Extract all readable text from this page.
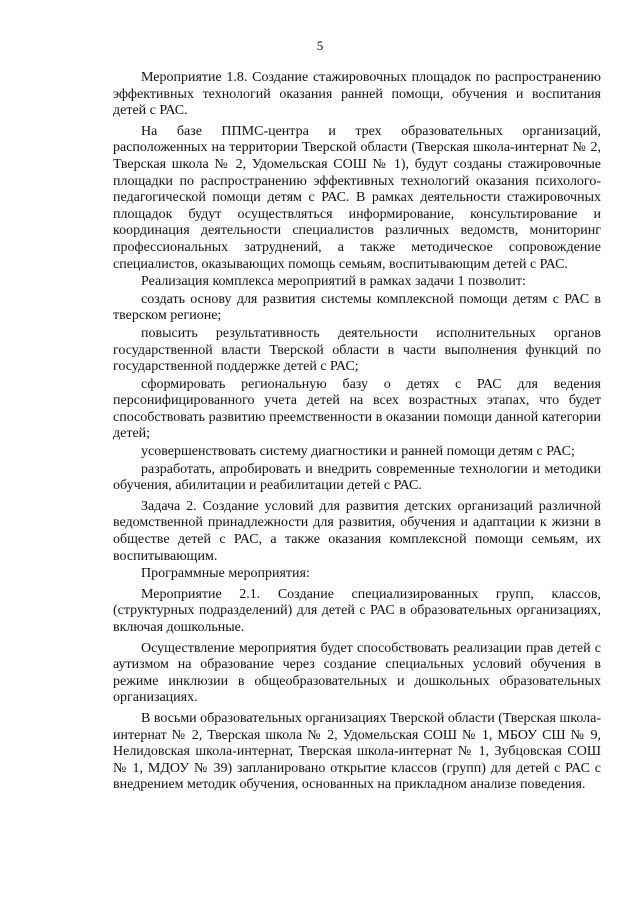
5

Мероприятие 1.8. Создание стажировочных площадок по распространению эффективных технологий оказания ранней помощи, обучения и воспитания детей с РАС.

На базе ППМС-центра и трех образовательных организаций, расположенных на территории Тверской области (Тверская школа-интернат № 2, Тверская школа № 2, Удомельская СОШ № 1), будут созданы стажировочные площадки по распространению эффективных технологий оказания психолого-педагогической помощи детям с РАС. В рамках деятельности стажировочных площадок будут осуществляться информирование, консультирование и координация деятельности специалистов различных ведомств, мониторинг профессиональных затруднений, а также методическое сопровождение специалистов, оказывающих помощь семьям, воспитывающим детей с РАС.

Реализация комплекса мероприятий в рамках задачи 1 позволит:

создать основу для развития системы комплексной помощи детям с РАС в тверском регионе;

повысить результативность деятельности исполнительных органов государственной власти Тверской области в части выполнения функций по государственной поддержке детей с РАС;

сформировать региональную базу о детях с РАС для ведения персонифицированного учета детей на всех возрастных этапах, что будет способствовать развитию преемственности в оказании помощи данной категории детей;

усовершенствовать систему диагностики и ранней помощи детям с РАС;

разработать, апробировать и внедрить современные технологии и методики обучения, абилитации и реабилитации детей с РАС.

Задача 2. Создание условий для развития детских организаций различной ведомственной принадлежности для развития, обучения и адаптации к жизни в обществе детей с РАС, а также оказания комплексной помощи семьям, их воспитывающим.

Программные мероприятия:

Мероприятие 2.1. Создание специализированных групп, классов, (структурных подразделений) для детей с РАС в образовательных организациях, включая дошкольные.

Осуществление мероприятия будет способствовать реализации прав детей с аутизмом на образование через создание специальных условий обучения в режиме инклюзии в общеобразовательных и дошкольных образовательных организациях.

В восьми образовательных организациях Тверской области (Тверская школа-интернат № 2, Тверская школа № 2, Удомельская СОШ № 1, МБОУ СШ № 9, Нелидовская школа-интернат, Тверская школа-интернат № 1, Зубцовская СОШ № 1, МДОУ № 39) запланировано открытие классов (групп) для детей с РАС с внедрением методик обучения, основанных на прикладном анализе поведения.
